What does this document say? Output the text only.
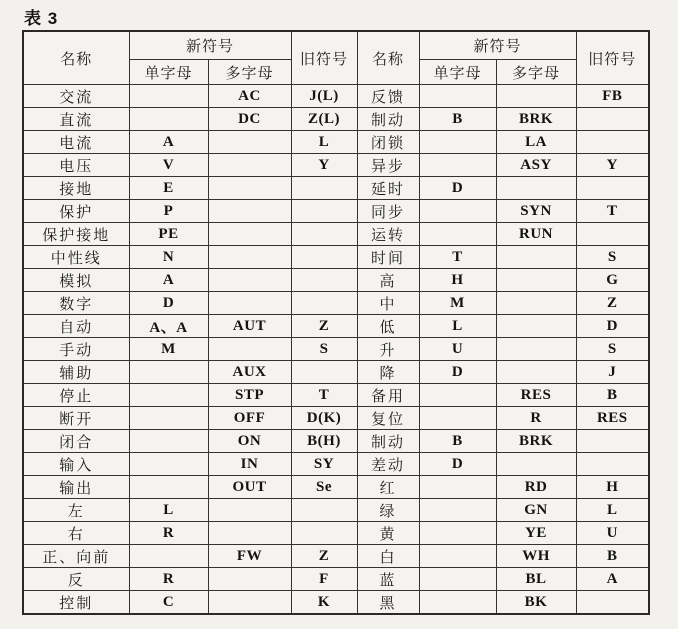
表 3
名称	新符号		旧符号	名称	新符号		旧符号
	单字母	多字母			单字母	多字母	
交流		AC	J(L)	反馈			FB
直流		DC	Z(L)	制动	B	BRK	
电流	A		L	闭锁		LA	
电压	V		Y	异步		ASY	Y
接地	E			延时	D		
保护	P			同步		SYN	T
保护接地	PE			运转		RUN	
中性线	N			时间	T		S
模拟	A			高	H		G
数字	D			中	M		Z
自动	A、A	AUT	Z	低	L		D
手动	M		S	升	U		S
辅助		AUX		降	D		J
停止		STP	T	备用		RES	B
断开		OFF	D(K)	复位		R	RES
闭合		ON	B(H)	制动	B	BRK	
输入		IN	SY	差动	D		
输出		OUT	Se	红		RD	H
左	L			绿		GN	L
右	R			黄		YE	U
正、向前		FW	Z	白		WH	B
反	R		F	蓝		BL	A
控制	C		K	黑		BK	
